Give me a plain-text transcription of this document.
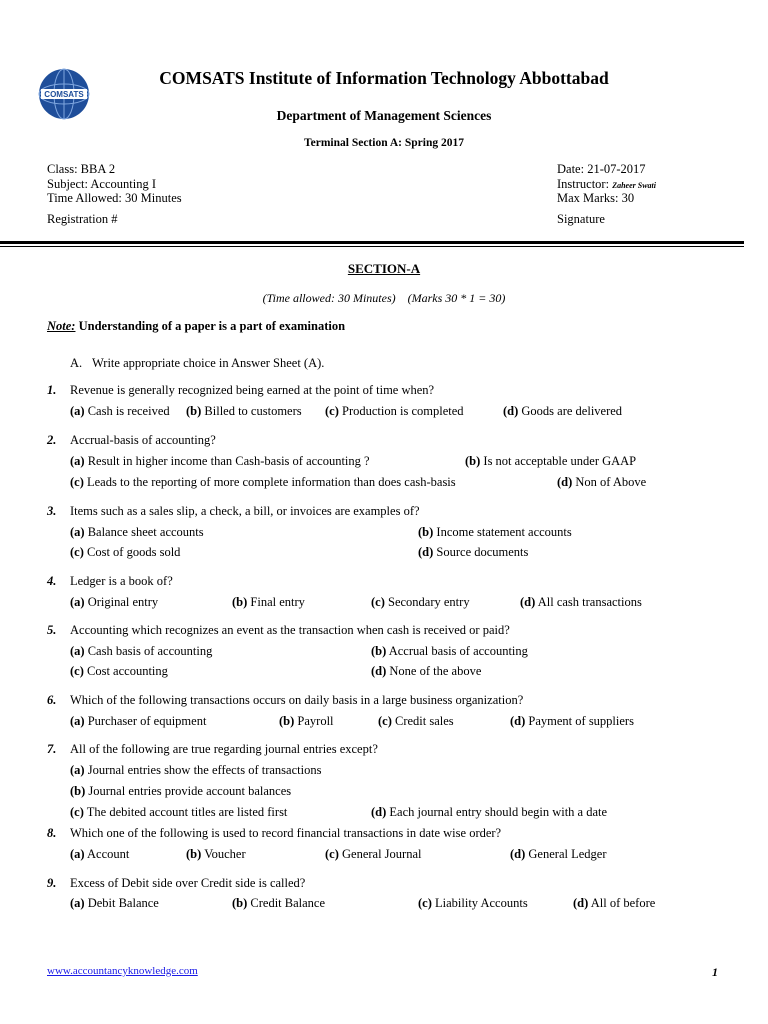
COMSATS
COMSATS Institute of Information Technology Abbottabad
Department of Management Sciences
Terminal Section A: Spring 2017
Class: BBA 2
Subject: Accounting I
Time Allowed: 30 Minutes
Registration #
Date: 21-07-2017
Instructor: Zaheer Swati
Max Marks: 30
Signature
SECTION-A
(Time allowed: 30 Minutes)    (Marks 30 * 1 = 30)
Note: Understanding of a paper is a part of examination
A. Write appropriate choice in Answer Sheet (A).
1. Revenue is generally recognized being earned at the point of time when?
(a) Cash is received (b) Billed to customers (c) Production is completed	(d) Goods are delivered
2. Accrual-basis of accounting?
(a) Result in higher income than Cash-basis of accounting ?	(b) Is not acceptable under GAAP
(c) Leads to the reporting of more complete information than does cash-basis	(d) Non of Above
3. Items such as a sales slip, a check, a bill, or invoices are examples of?
(a) Balance sheet accounts	(b) Income statement accounts
(c) Cost of goods sold	(d) Source documents
4. Ledger is a book of?
(a) Original entry	(b) Final entry	(c) Secondary entry	(d) All cash transactions
5. Accounting which recognizes an event as the transaction when cash is received or paid?
(a) Cash basis of accounting	(b) Accrual basis of accounting
(c) Cost accounting	(d) None of the above
6. Which of the following transactions occurs on daily basis in a large business organization?
(a) Purchaser of equipment	(b) Payroll	(c) Credit sales	(d) Payment of suppliers
7. All of the following are true regarding journal entries except?
(a) Journal entries show the effects of transactions
(b) Journal entries provide account balances
(c) The debited account titles are listed first	(d) Each journal entry should begin with a date
8. Which one of the following is used to record financial transactions in date wise order?
(a) Account	(b) Voucher	(c) General Journal	(d) General Ledger
9. Excess of Debit side over Credit side is called?
(a) Debit Balance	(b) Credit Balance	(c) Liability Accounts	(d) All of before
www.accountancyknowledge.com	1
